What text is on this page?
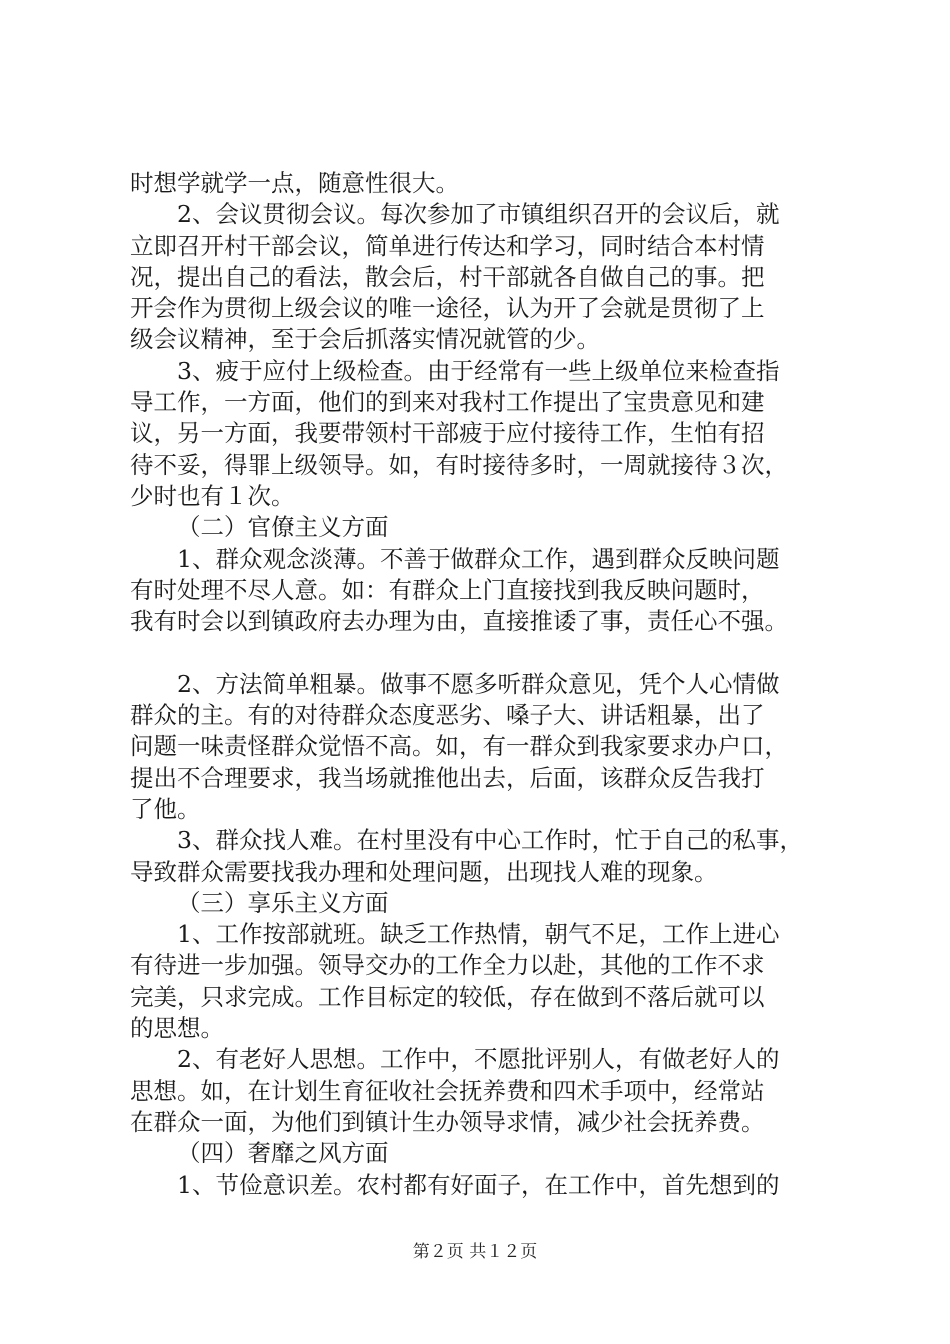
时想学就学一点，随意性很大。
2、会议贯彻会议。每次参加了市镇组织召开的会议后，就
立即召开村干部会议，简单进行传达和学习，同时结合本村情
况，提出自己的看法，散会后，村干部就各自做自己的事。把
开会作为贯彻上级会议的唯一途径，认为开了会就是贯彻了上
级会议精神，至于会后抓落实情况就管的少。
3、疲于应付上级检查。由于经常有一些上级单位来检查指
导工作，一方面，他们的到来对我村工作提出了宝贵意见和建
议，另一方面，我要带领村干部疲于应付接待工作，生怕有招
待不妥，得罪上级领导。如，有时接待多时，一周就接待３次，
少时也有１次。
（二）官僚主义方面
1、群众观念淡薄。不善于做群众工作，遇到群众反映问题
有时处理不尽人意。如：有群众上门直接找到我反映问题时，
我有时会以到镇政府去办理为由，直接推诿了事，责任心不强。
2、方法简单粗暴。做事不愿多听群众意见，凭个人心情做
群众的主。有的对待群众态度恶劣、嗓子大、讲话粗暴，出了
问题一味责怪群众觉悟不高。如，有一群众到我家要求办户口，
提出不合理要求，我当场就推他出去，后面，该群众反告我打
了他。
3、群众找人难。在村里没有中心工作时，忙于自己的私事，
导致群众需要找我办理和处理问题，出现找人难的现象。
（三）享乐主义方面
1、工作按部就班。缺乏工作热情，朝气不足，工作上进心
有待进一步加强。领导交办的工作全力以赴，其他的工作不求
完美，只求完成。工作目标定的较低，存在做到不落后就可以
的思想。
2、有老好人思想。工作中，不愿批评别人，有做老好人的
思想。如，在计划生育征收社会抚养费和四术手项中，经常站
在群众一面，为他们到镇计生办领导求情，减少社会抚养费。
（四）奢靡之风方面
1、节俭意识差。农村都有好面子，在工作中，首先想到的
第２页 共１２页
